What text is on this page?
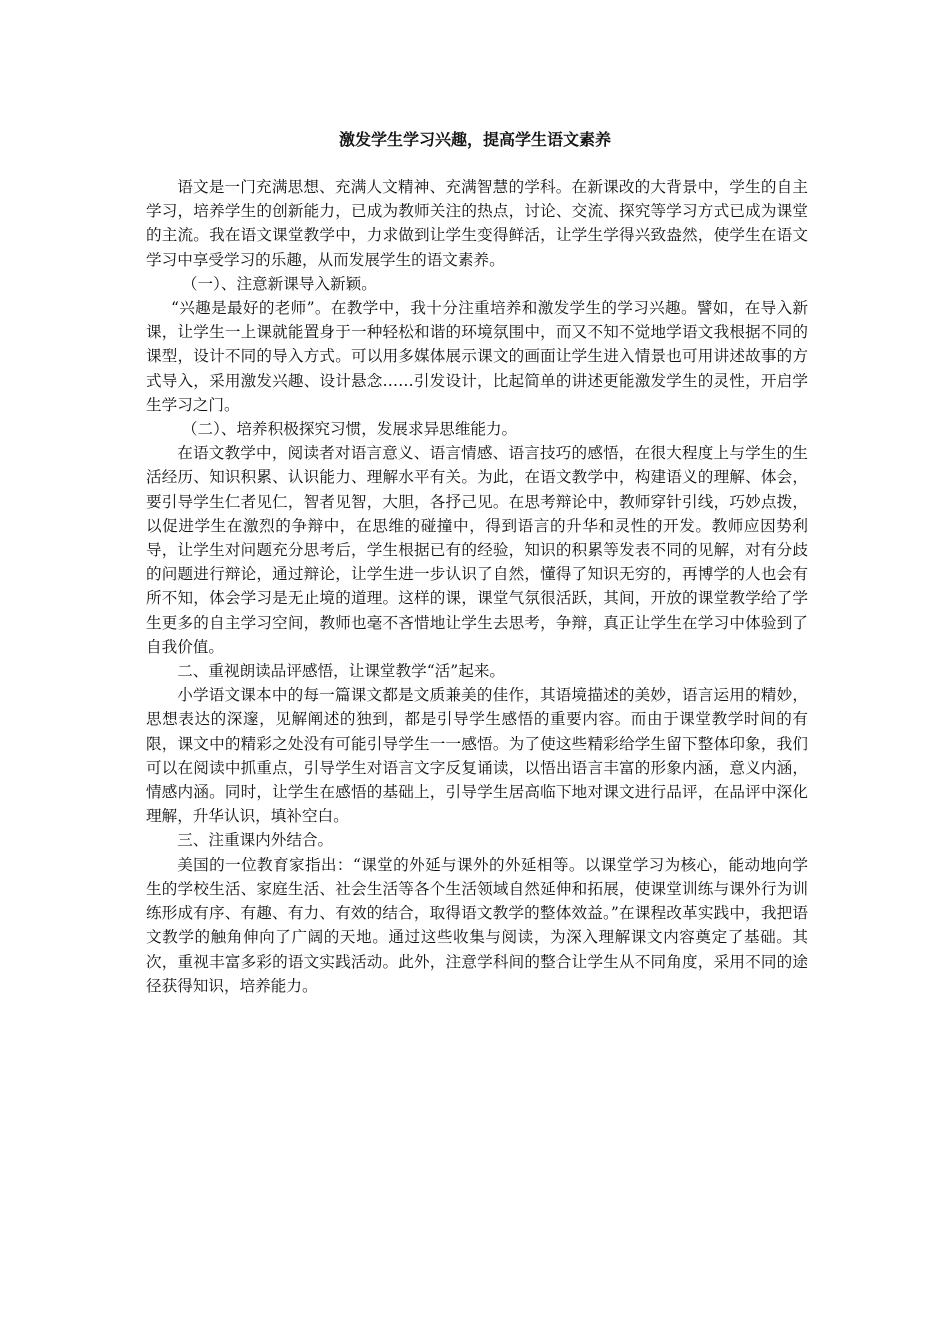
激发学生学习兴趣，提高学生语文素养

语文是一门充满思想、充满人文精神、充满智慧的学科。在新课改的大背景中，学生的自主学习，培养学生的创新能力，已成为教师关注的热点，讨论、交流、探究等学习方式已成为课堂的主流。我在语文课堂教学中，力求做到让学生变得鲜活，让学生学得兴致盎然，使学生在语文学习中享受学习的乐趣，从而发展学生的语文素养。

（一）、注意新课导入新颖。

“兴趣是最好的老师”。在教学中，我十分注重培养和激发学生的学习兴趣。譬如，在导入新课，让学生一上课就能置身于一种轻松和谐的环境氛围中，而又不知不觉地学语文我根据不同的课型，设计不同的导入方式。可以用多媒体展示课文的画面让学生进入情景也可用讲述故事的方式导入，采用激发兴趣、设计悬念……引发设计，比起简单的讲述更能激发学生的灵性，开启学生学习之门。

（二）、培养积极探究习惯，发展求异思维能力。

在语文教学中，阅读者对语言意义、语言情感、语言技巧的感悟，在很大程度上与学生的生活经历、知识积累、认识能力、理解水平有关。为此，在语文教学中，构建语义的理解、体会，要引导学生仁者见仁，智者见智，大胆，各抒己见。在思考辩论中，教师穿针引线，巧妙点拨，以促进学生在激烈的争辩中，在思维的碰撞中，得到语言的升华和灵性的开发。教师应因势利导，让学生对问题充分思考后，学生根据已有的经验，知识的积累等发表不同的见解，对有分歧的问题进行辩论，通过辩论，让学生进一步认识了自然，懂得了知识无穷的，再博学的人也会有所不知，体会学习是无止境的道理。这样的课，课堂气氛很活跃，其间，开放的课堂教学给了学生更多的自主学习空间，教师也毫不吝惜地让学生去思考，争辩，真正让学生在学习中体验到了自我价值。

二、重视朗读品评感悟，让课堂教学“活”起来。

小学语文课本中的每一篇课文都是文质兼美的佳作，其语境描述的美妙，语言运用的精妙，思想表达的深邃，见解阐述的独到，都是引导学生感悟的重要内容。而由于课堂教学时间的有限，课文中的精彩之处没有可能引导学生一一感悟。为了使这些精彩给学生留下整体印象，我们可以在阅读中抓重点，引导学生对语言文字反复诵读，以悟出语言丰富的形象内涵，意义内涵，情感内涵。同时，让学生在感悟的基础上，引导学生居高临下地对课文进行品评，在品评中深化理解，升华认识，填补空白。

三、注重课内外结合。

美国的一位教育家指出：“课堂的外延与课外的外延相等。以课堂学习为核心，能动地向学生的学校生活、家庭生活、社会生活等各个生活领域自然延伸和拓展，使课堂训练与课外行为训练形成有序、有趣、有力、有效的结合，取得语文教学的整体效益。”在课程改革实践中，我把语文教学的触角伸向了广阔的天地。通过这些收集与阅读，为深入理解课文内容奠定了基础。其次，重视丰富多彩的语文实践活动。此外，注意学科间的整合让学生从不同角度，采用不同的途径获得知识，培养能力。
